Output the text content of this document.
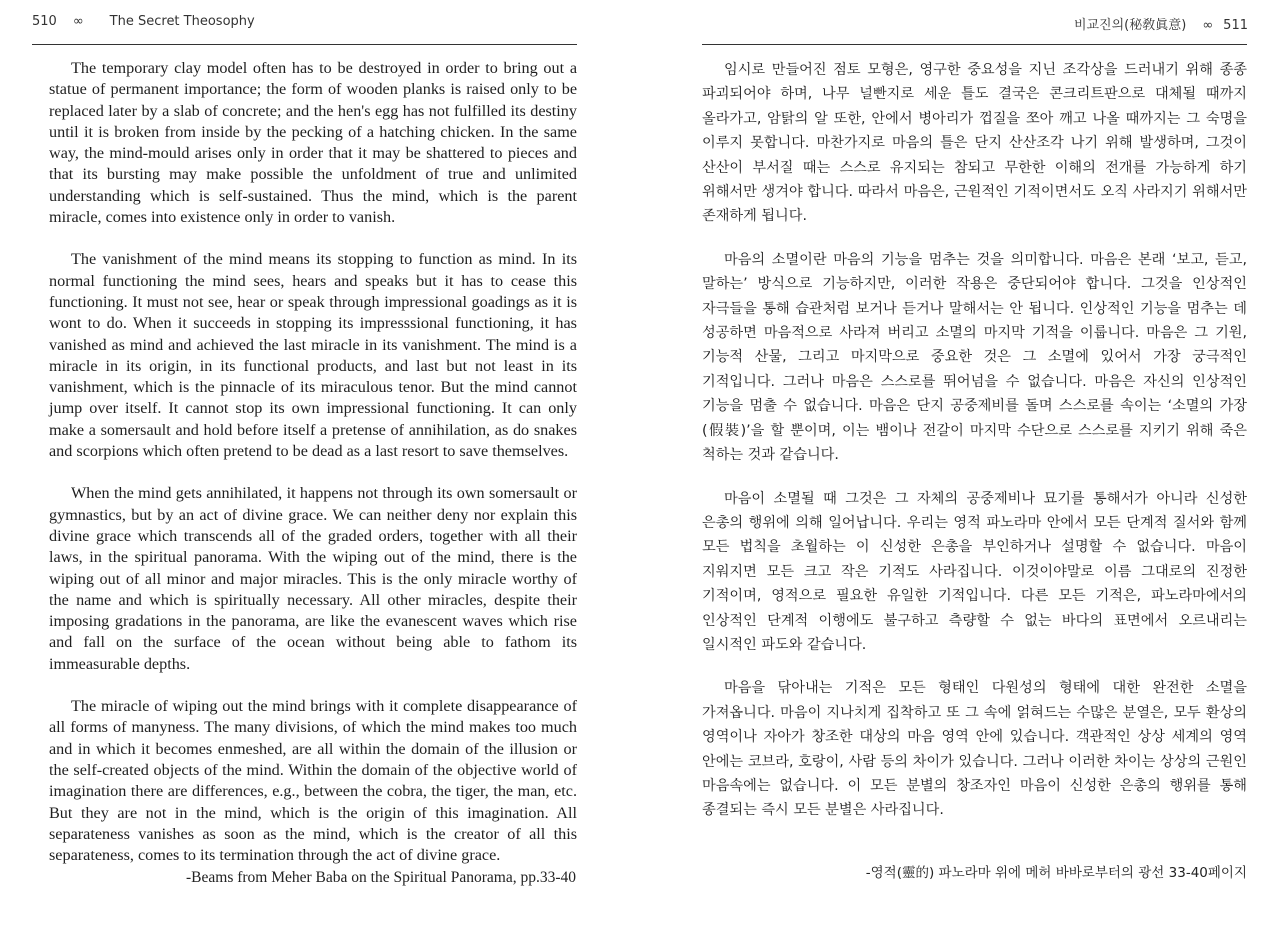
510 ∞ The Secret Theosophy

The temporary clay model often has to be destroyed in order to bring out a statue of permanent importance; the form of wooden planks is raised only to be replaced later by a slab of concrete; and the hen's egg has not fulfilled its destiny until it is broken from inside by the pecking of a hatching chicken. In the same way, the mind-mould arises only in order that it may be shattered to pieces and that its bursting may make possible the unfoldment of true and unlimited understanding which is self-sustained. Thus the mind, which is the parent miracle, comes into existence only in order to vanish.

The vanishment of the mind means its stopping to function as mind. In its normal functioning the mind sees, hears and speaks but it has to cease this functioning. It must not see, hear or speak through impressional goadings as it is wont to do. When it succeeds in stopping its impresssional functioning, it has vanished as mind and achieved the last miracle in its vanishment. The mind is a miracle in its origin, in its functional products, and last but not least in its vanishment, which is the pinnacle of its miraculous tenor. But the mind cannot jump over itself. It cannot stop its own impressional functioning. It can only make a somersault and hold before itself a pretense of annihilation, as do snakes and scorpions which often pretend to be dead as a last resort to save themselves.

When the mind gets annihilated, it happens not through its own somersault or gymnastics, but by an act of divine grace. We can neither deny nor explain this divine grace which transcends all of the graded orders, together with all their laws, in the spiritual panorama. With the wiping out of the mind, there is the wiping out of all minor and major miracles. This is the only miracle worthy of the name and which is spiritually necessary. All other miracles, despite their imposing gradations in the panorama, are like the evanescent waves which rise and fall on the surface of the ocean without being able to fathom its immeasurable depths.

The miracle of wiping out the mind brings with it complete disappearance of all forms of manyness. The many divisions, of which the mind makes too much and in which it becomes enmeshed, are all within the domain of the illusion or the self-created objects of the mind. Within the domain of the objective world of imagination there are differences, e.g., between the cobra, the tiger, the man, etc. But they are not in the mind, which is the origin of this imagination. All separateness vanishes as soon as the mind, which is the creator of all this separateness, comes to its termination through the act of divine grace.

-Beams from Meher Baba on the Spiritual Panorama, pp.33-40
비교진의(秘敎眞意) ∞ 511

임시로 만들어진 점토 모형은, 영구한 중요성을 지닌 조각상을 드러내기 위해 종종 파괴되어야 하며, 나무 널빤지로 세운 틀도 결국은 콘크리트판으로 대체될 때까지 올라가고, 암탉의 알 또한, 안에서 병아리가 껍질을 쪼아 깨고 나올 때까지는 그 숙명을 이루지 못합니다. 마찬가지로 마음의 틀은 단지 산산조각 나기 위해 발생하며, 그것이 산산이 부서질 때는 스스로 유지되는 참되고 무한한 이해의 전개를 가능하게 하기 위해서만 생겨야 합니다. 따라서 마음은, 근원적인 기적이면서도 오직 사라지기 위해서만 존재하게 됩니다.

마음의 소멸이란 마음의 기능을 멈추는 것을 의미합니다. 마음은 본래 ‘보고, 듣고, 말하는’ 방식으로 기능하지만, 이러한 작용은 중단되어야 합니다. 그것을 인상적인 자극들을 통해 습관처럼 보거나 듣거나 말해서는 안 됩니다. 인상적인 기능을 멈추는 데 성공하면 마음적으로 사라져 버리고 소멸의 마지막 기적을 이룹니다. 마음은 그 기원, 기능적 산물, 그리고 마지막으로 중요한 것은 그 소멸에 있어서 가장 궁극적인 기적입니다. 그러나 마음은 스스로를 뛰어넘을 수 없습니다. 마음은 자신의 인상적인 기능을 멈출 수 없습니다. 마음은 단지 공중제비를 돌며 스스로를 속이는 ‘소멸의 가장(假裝)’을 할 뿐이며, 이는 뱀이나 전갈이 마지막 수단으로 스스로를 지키기 위해 죽은 척하는 것과 같습니다.

마음이 소멸될 때 그것은 그 자체의 공중제비나 묘기를 통해서가 아니라 신성한 은총의 행위에 의해 일어납니다. 우리는 영적 파노라마 안에서 모든 단계적 질서와 함께 모든 법칙을 초월하는 이 신성한 은총을 부인하거나 설명할 수 없습니다. 마음이 지워지면 모든 크고 작은 기적도 사라집니다. 이것이야말로 이름 그대로의 진정한 기적이며, 영적으로 필요한 유일한 기적입니다. 다른 모든 기적은, 파노라마에서의 인상적인 단계적 이행에도 불구하고 측량할 수 없는 바다의 표면에서 오르내리는 일시적인 파도와 같습니다.

마음을 닦아내는 기적은 모든 형태인 다원성의 형태에 대한 완전한 소멸을 가져옵니다. 마음이 지나치게 집착하고 또 그 속에 얽혀드는 수많은 분열은, 모두 환상의 영역이나 자아가 창조한 대상의 마음 영역 안에 있습니다. 객관적인 상상 세계의 영역 안에는 코브라, 호랑이, 사람 등의 차이가 있습니다. 그러나 이러한 차이는 상상의 근원인 마음속에는 없습니다. 이 모든 분별의 창조자인 마음이 신성한 은총의 행위를 통해 종결되는 즉시 모든 분별은 사라집니다.

-영적(靈的) 파노라마 위에 메허 바바로부터의 광선 33-40페이지
